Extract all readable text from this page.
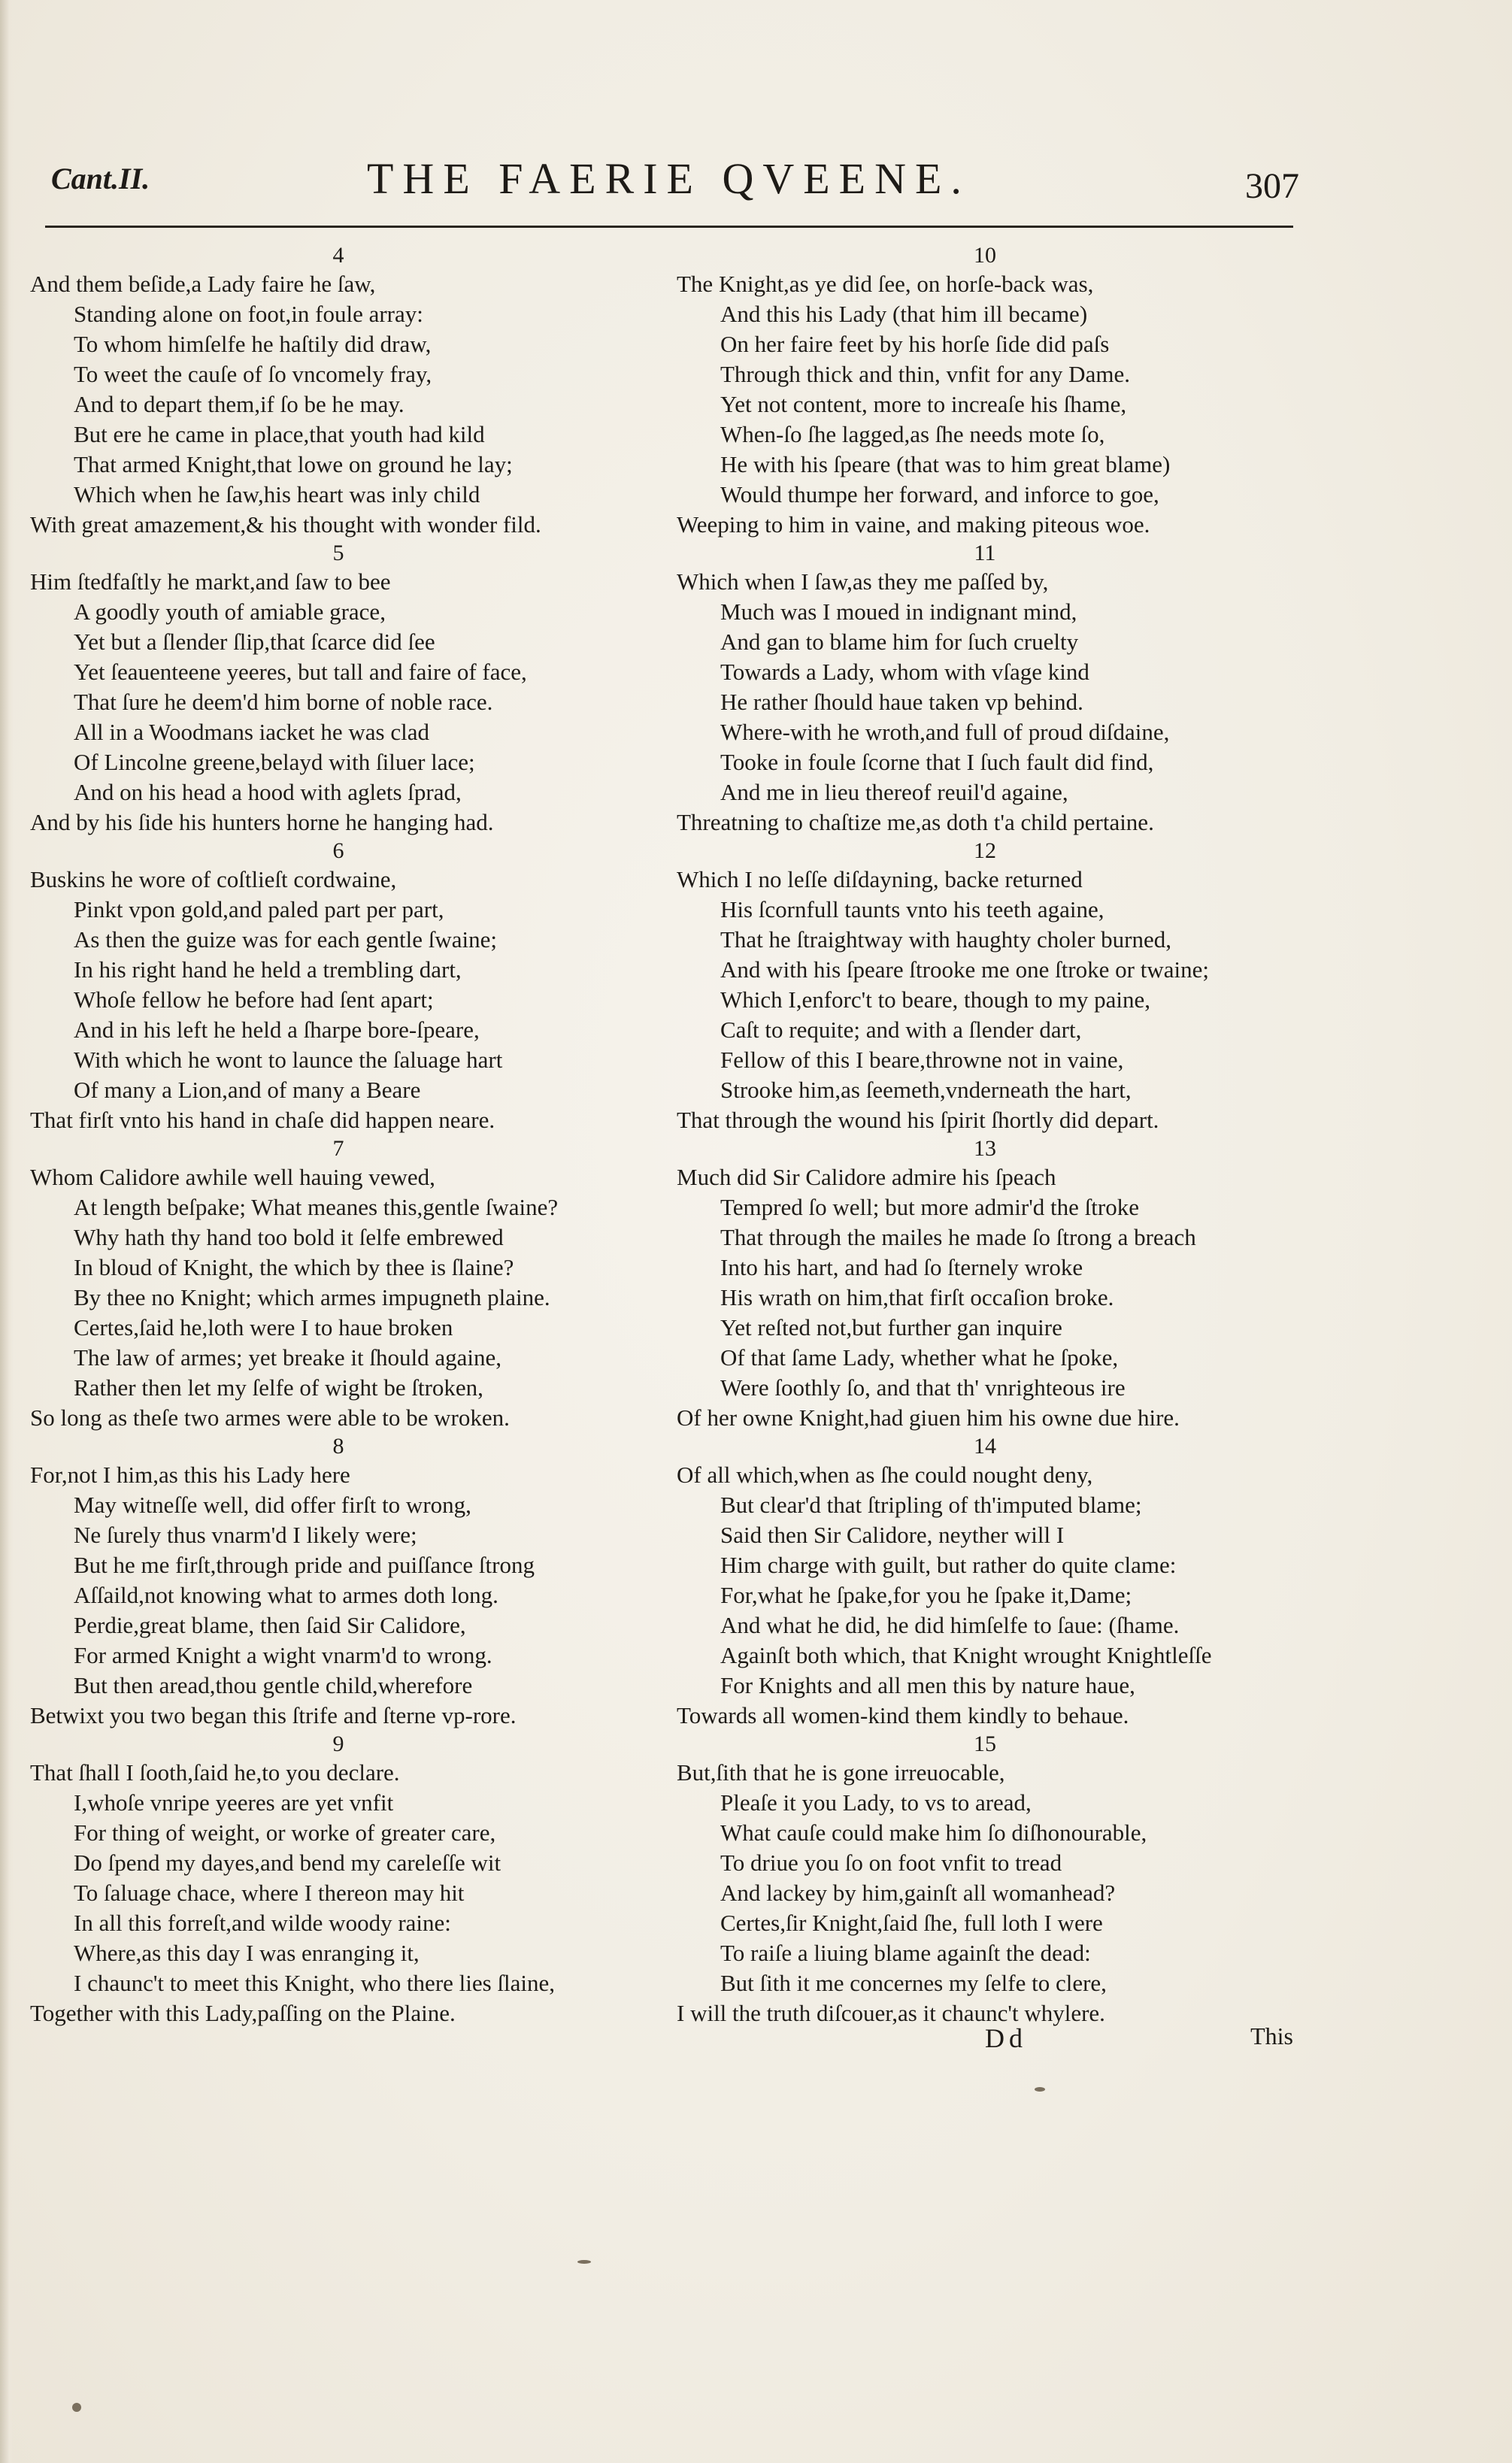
Cant.II.	THE FAERIE QVEENE.	307
4
And them beſide,a Lady faire he ſaw,
Standing alone on foot,in foule array:
To whom himſelfe he haſtily did draw,
To weet the cauſe of ſo vncomely fray,
And to depart them,if ſo be he may.
But ere he came in place,that youth had kild
That armed Knight,that lowe on ground he lay;
Which when he ſaw,his heart was inly child
With great amazement,& his thought with wonder fild.
5
Him ſtedfaſtly he markt,and ſaw to bee
A goodly youth of amiable grace,
Yet but a ſlender ſlip,that ſcarce did ſee
Yet ſeauenteene yeeres, but tall and faire of face,
That ſure he deem'd him borne of noble race.
All in a Woodmans iacket he was clad
Of Lincolne greene,belayd with ſiluer lace;
And on his head a hood with aglets ſprad,
And by his ſide his hunters horne he hanging had.
6
Buskins he wore of coſtlieſt cordwaine,
Pinkt vpon gold,and paled part per part,
As then the guize was for each gentle ſwaine;
In his right hand he held a trembling dart,
Whoſe fellow he before had ſent apart;
And in his left he held a ſharpe bore-ſpeare,
With which he wont to launce the ſaluage hart
Of many a Lion,and of many a Beare
That firſt vnto his hand in chaſe did happen neare.
7
Whom Calidore awhile well hauing vewed,
At length beſpake; What meanes this,gentle ſwaine?
Why hath thy hand too bold it ſelfe embrewed
In bloud of Knight, the which by thee is ſlaine?
By thee no Knight; which armes impugneth plaine.
Certes,ſaid he,loth were I to haue broken
The law of armes; yet breake it ſhould againe,
Rather then let my ſelfe of wight be ſtroken,
So long as theſe two armes were able to be wroken.
8
For,not I him,as this his Lady here
May witneſſe well, did offer firſt to wrong,
Ne ſurely thus vnarm'd I likely were;
But he me firſt,through pride and puiſſance ſtrong
Aſſaild,not knowing what to armes doth long.
Perdie,great blame, then ſaid Sir Calidore,
For armed Knight a wight vnarm'd to wrong.
But then aread,thou gentle child,wherefore
Betwixt you two began this ſtrife and ſterne vp-rore.
9
That ſhall I ſooth,ſaid he,to you declare.
I,whoſe vnripe yeeres are yet vnfit
For thing of weight, or worke of greater care,
Do ſpend my dayes,and bend my careleſſe wit
To ſaluage chace, where I thereon may hit
In all this forreſt,and wilde woody raine:
Where,as this day I was enranging it,
I chaunc't to meet this Knight, who there lies ſlaine,
Together with this Lady,paſſing on the Plaine.
10
The Knight,as ye did ſee, on horſe-back was,
And this his Lady (that him ill became)
On her faire feet by his horſe ſide did paſs
Through thick and thin, vnfit for any Dame.
Yet not content, more to increaſe his ſhame,
When-ſo ſhe lagged,as ſhe needs mote ſo,
He with his ſpeare (that was to him great blame)
Would thumpe her forward, and inforce to goe,
Weeping to him in vaine, and making piteous woe.
11
Which when I ſaw,as they me paſſed by,
Much was I moued in indignant mind,
And gan to blame him for ſuch cruelty
Towards a Lady, whom with vſage kind
He rather ſhould haue taken vp behind.
Where-with he wroth,and full of proud diſdaine,
Tooke in foule ſcorne that I ſuch fault did find,
And me in lieu thereof reuil'd againe,
Threatning to chaſtize me,as doth t'a child pertaine.
12
Which I no leſſe diſdayning, backe returned
His ſcornfull taunts vnto his teeth againe,
That he ſtraightway with haughty choler burned,
And with his ſpeare ſtrooke me one ſtroke or twaine;
Which I,enforc't to beare, though to my paine,
Caſt to requite; and with a ſlender dart,
Fellow of this I beare,throwne not in vaine,
Strooke him,as ſeemeth,vnderneath the hart,
That through the wound his ſpirit ſhortly did depart.
13
Much did Sir Calidore admire his ſpeach
Tempred ſo well; but more admir'd the ſtroke
That through the mailes he made ſo ſtrong a breach
Into his hart, and had ſo ſternely wroke
His wrath on him,that firſt occaſion broke.
Yet reſted not,but further gan inquire
Of that ſame Lady, whether what he ſpoke,
Were ſoothly ſo, and that th' vnrighteous ire
Of her owne Knight,had giuen him his owne due hire.
14
Of all which,when as ſhe could nought deny,
But clear'd that ſtripling of th'imputed blame;
Said then Sir Calidore, neyther will I
Him charge with guilt, but rather do quite clame:
For,what he ſpake,for you he ſpake it,Dame;
And what he did, he did himſelfe to ſaue: (ſhame.
Againſt both which, that Knight wrought Knightleſſe
For Knights and all men this by nature haue,
Towards all women-kind them kindly to behaue.
15
But,ſith that he is gone irreuocable,
Pleaſe it you Lady, to vs to aread,
What cauſe could make him ſo diſhonourable,
To driue you ſo on foot vnfit to tread
And lackey by him,gainſt all womanhead?
Certes,ſir Knight,ſaid ſhe, full loth I were
To raiſe a liuing blame againſt the dead:
But ſith it me concernes my ſelfe to clere,
I will the truth diſcouer,as it chaunc't whylere.
Dd	This
